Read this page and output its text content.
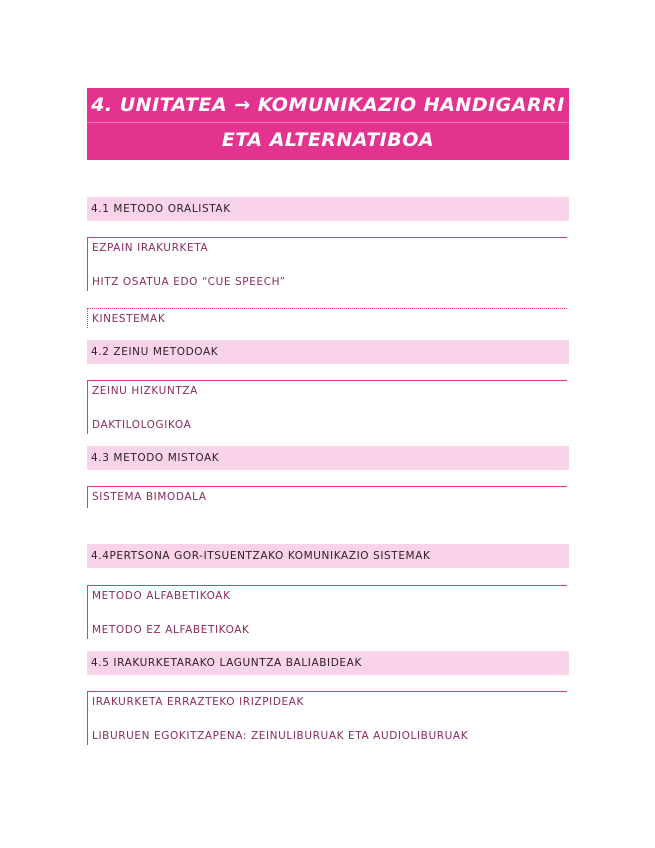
4. UNITATEA → KOMUNIKAZIO HANDIGARRI
ETA ALTERNATIBOA
4.1 METODO ORALISTAK
EZPAIN IRAKURKETA
HITZ OSATUA EDO “CUE SPEECH”
KINESTEMAK
4.2 ZEINU METODOAK
ZEINU HIZKUNTZA
DAKTILOLOGIKOA
4.3 METODO MISTOAK
SISTEMA BIMODALA
4.4PERTSONA GOR-ITSUENTZAKO KOMUNIKAZIO SISTEMAK
METODO ALFABETIKOAK
METODO EZ ALFABETIKOAK
4.5 IRAKURKETARAKO LAGUNTZA BALIABIDEAK
IRAKURKETA ERRAZTEKO IRIZPIDEAK
LIBURUEN EGOKITZAPENA: ZEINULIBURUAK ETA AUDIOLIBURUAK
